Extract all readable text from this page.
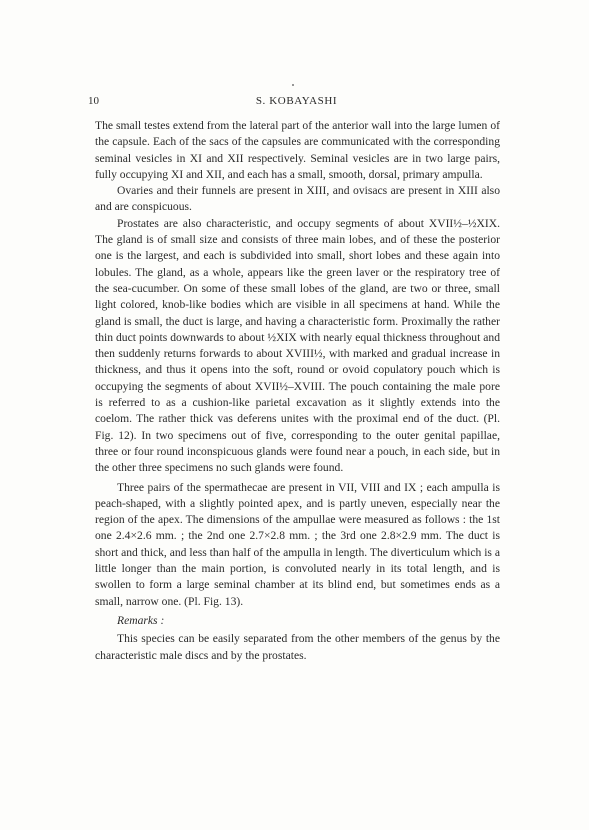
10	S. KOBAYASHI

The small testes extend from the lateral part of the anterior wall into the large lumen of the capsule. Each of the sacs of the capsules are communicated with the corresponding seminal vesicles in XI and XII respectively. Seminal vesicles are in two large pairs, fully occupying XI and XII, and each has a small, smooth, dorsal, primary ampulla.

Ovaries and their funnels are present in XIII, and ovisacs are present in XIII also and are conspicuous.

Prostates are also characteristic, and occupy segments of about XVII½–½XIX. The gland is of small size and consists of three main lobes, and of these the posterior one is the largest, and each is subdivided into small, short lobes and these again into lobules. The gland, as a whole, appears like the green laver or the respiratory tree of the sea-cucumber. On some of these small lobes of the gland, are two or three, small light colored, knob-like bodies which are visible in all specimens at hand. While the gland is small, the duct is large, and having a characteristic form. Proximally the rather thin duct points downwards to about ½XIX with nearly equal thickness throughout and then suddenly returns forwards to about XVIII½, with marked and gradual increase in thickness, and thus it opens into the soft, round or ovoid copulatory pouch which is occupying the segments of about XVII½–XVIII. The pouch containing the male pore is referred to as a cushion-like parietal excavation as it slightly extends into the coelom. The rather thick vas deferens unites with the proximal end of the duct. (Pl. Fig. 12). In two specimens out of five, corresponding to the outer genital papillae, three or four round inconspicuous glands were found near a pouch, in each side, but in the other three specimens no such glands were found.

Three pairs of the spermathecae are present in VII, VIII and IX ; each ampulla is peach-shaped, with a slightly pointed apex, and is partly uneven, especially near the region of the apex. The dimensions of the ampullae were measured as follows : the 1st one 2.4×2.6 mm. ; the 2nd one 2.7×2.8 mm. ; the 3rd one 2.8×2.9 mm. The duct is short and thick, and less than half of the ampulla in length. The diverticulum which is a little longer than the main portion, is convoluted nearly in its total length, and is swollen to form a large seminal chamber at its blind end, but sometimes ends as a small, narrow one. (Pl. Fig. 13).

Remarks :

This species can be easily separated from the other members of the genus by the characteristic male discs and by the prostates.
